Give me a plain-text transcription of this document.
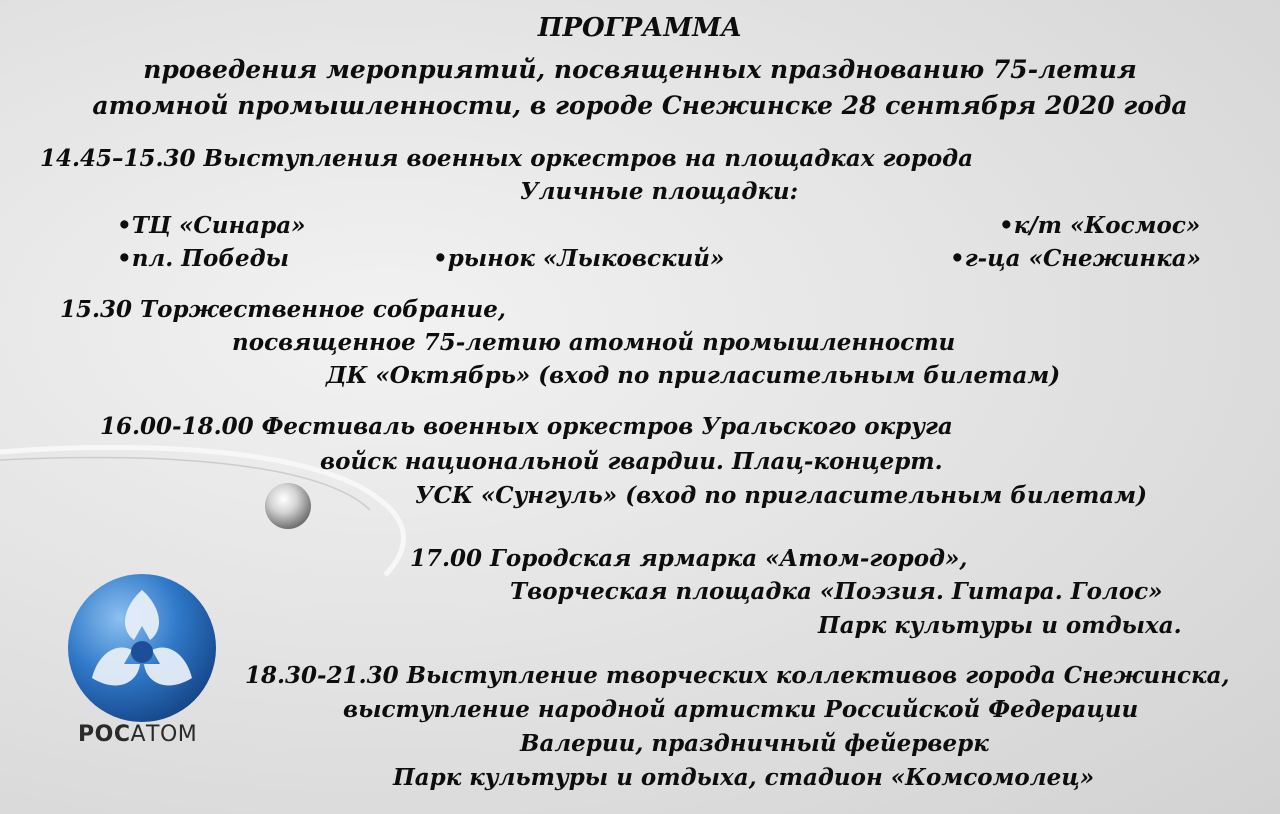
ПРОГРАММА
проведения мероприятий, посвященных празднованию 75-летия
атомной промышленности, в городе Снежинске 28 сентября 2020 года
14.45–15.30 Выступления военных оркестров на площадках города
Уличные площадки:
•ТЦ «Синара»	•к/т «Космос»
•пл. Победы	•рынок «Лыковский»	•г-ца «Снежинка»
15.30 Торжественное собрание,
посвященное 75-летию атомной промышленности
ДК «Октябрь» (вход по пригласительным билетам)
16.00-18.00 Фестиваль военных оркестров Уральского округа
войск национальной гвардии. Плац-концерт.
УСК «Сунгуль» (вход по пригласительным билетам)
17.00 Городская ярмарка «Атом-город»,
Творческая площадка «Поэзия. Гитара. Голос»
Парк культуры и отдыха.
18.30-21.30 Выступление творческих коллективов города Снежинска,
выступление народной артистки Российской Федерации
Валерии, праздничный фейерверк
Парк культуры и отдыха, стадион «Комсомолец»
РОСАТОМ
